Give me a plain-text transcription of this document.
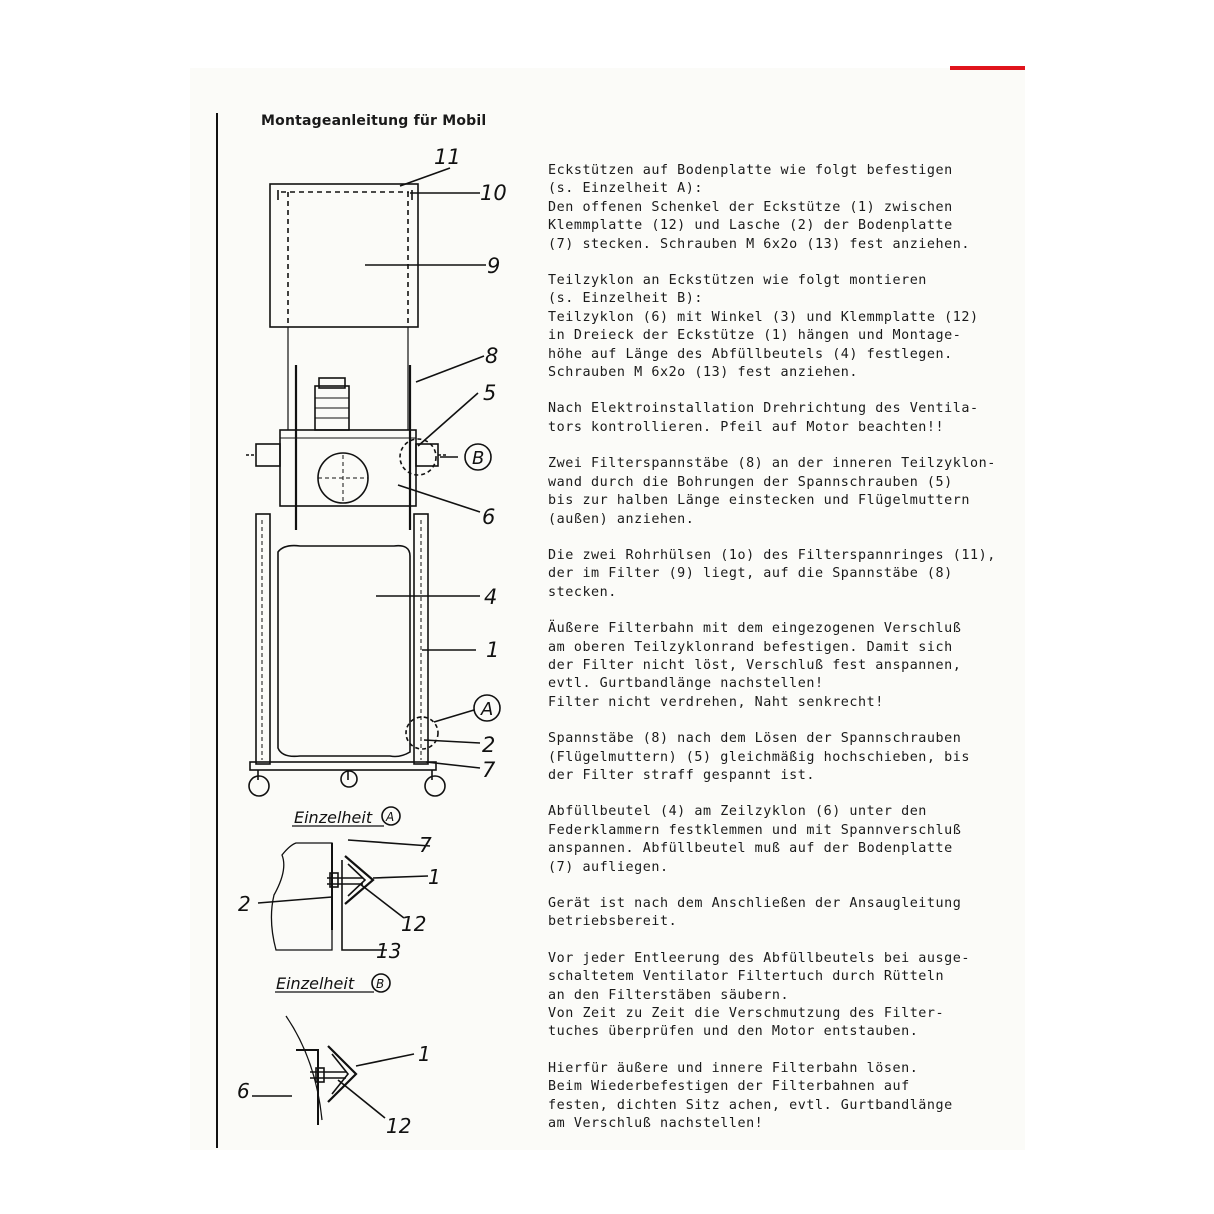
Montageanleitung für Mobil
11
10
9
8
5
B
6
4
1
A
2
7
Einzelheit A
7
1
2
12
13
Einzelheit B
1
6
12

Eckstützen auf Bodenplatte wie folgt befestigen
(s. Einzelheit A):
Den offenen Schenkel der Eckstütze (1) zwischen
Klemmplatte (12) und Lasche (2) der Bodenplatte
(7) stecken. Schrauben M 6x2o (13) fest anziehen.

Teilzyklon an Eckstützen wie folgt montieren
(s. Einzelheit B):
Teilzyklon (6) mit Winkel (3) und Klemmplatte (12)
in Dreieck der Eckstütze (1) hängen und Montage-
höhe auf Länge des Abfüllbeutels (4) festlegen.
Schrauben M 6x2o (13) fest anziehen.

Nach Elektroinstallation Drehrichtung des Ventila-
tors kontrollieren. Pfeil auf Motor beachten!!

Zwei Filterspannstäbe (8) an der inneren Teilzyklon-
wand durch die Bohrungen der Spannschrauben (5)
bis zur halben Länge einstecken und Flügelmuttern
(außen) anziehen.

Die zwei Rohrhülsen (1o) des Filterspannringes (11),
der im Filter (9) liegt, auf die Spannstäbe (8)
stecken.

Äußere Filterbahn mit dem eingezogenen Verschluß
am oberen Teilzyklonrand befestigen. Damit sich
der Filter nicht löst, Verschluß fest anspannen,
evtl. Gurtbandlänge nachstellen!
Filter nicht verdrehen, Naht senkrecht!

Spannstäbe (8) nach dem Lösen der Spannschrauben
(Flügelmuttern) (5) gleichmäßig hochschieben, bis
der Filter straff gespannt ist.

Abfüllbeutel (4) am Zeilzyklon (6) unter den
Federklammern festklemmen und mit Spannverschluß
anspannen. Abfüllbeutel muß auf der Bodenplatte
(7) aufliegen.

Gerät ist nach dem Anschließen der Ansaugleitung
betriebsbereit.

Vor jeder Entleerung des Abfüllbeutels bei ausge-
schaltetem Ventilator Filtertuch durch Rütteln
an den Filterstäben säubern.
Von Zeit zu Zeit die Verschmutzung des Filter-
tuches überprüfen und den Motor entstauben.

Hierfür äußere und innere Filterbahn lösen.
Beim Wiederbefestigen der Filterbahnen auf
festen, dichten Sitz achen, evtl. Gurtbandlänge
am Verschluß nachstellen!
